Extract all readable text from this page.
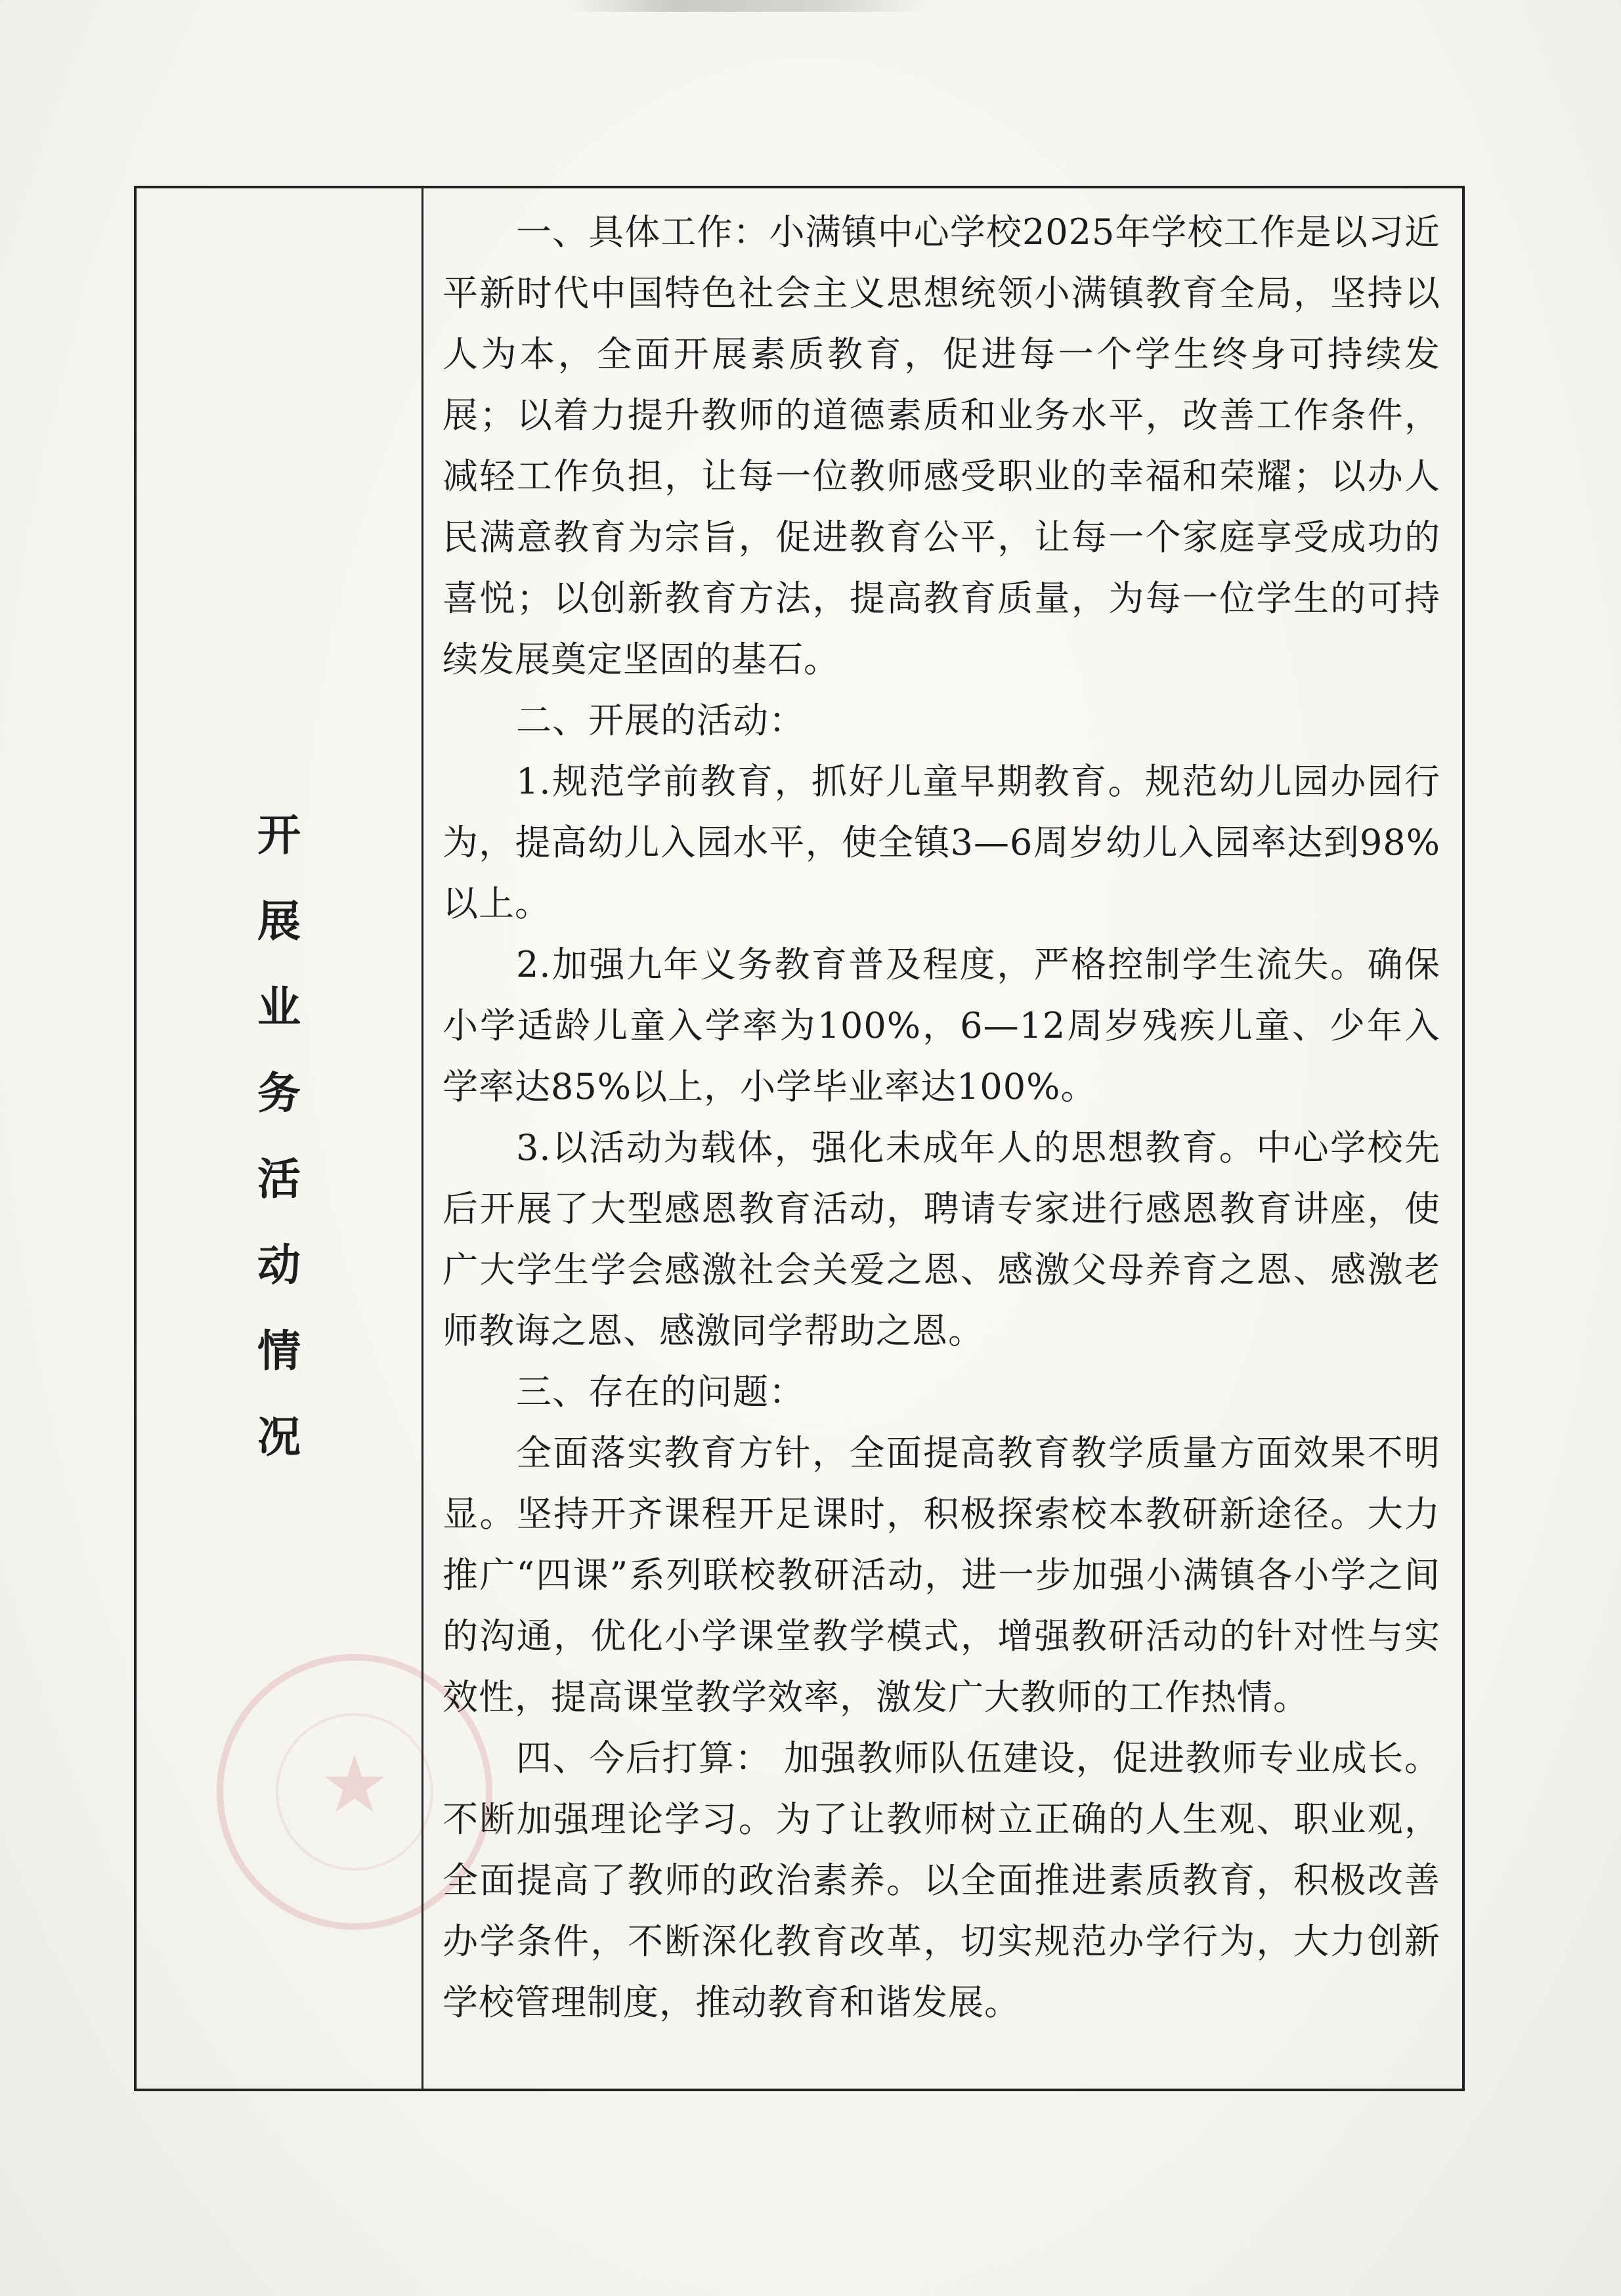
★
开
展
业
务
活
动
情
况

一、具体工作：小满镇中心学校2025年学校工作是以习近平新时代中国特色社会主义思想统领小满镇教育全局，坚持以人为本，全面开展素质教育，促进每一个学生终身可持续发展；以着力提升教师的道德素质和业务水平，改善工作条件，减轻工作负担，让每一位教师感受职业的幸福和荣耀；以办人民满意教育为宗旨，促进教育公平，让每一个家庭享受成功的喜悦；以创新教育方法，提高教育质量，为每一位学生的可持续发展奠定坚固的基石。

二、开展的活动：

1.规范学前教育，抓好儿童早期教育。规范幼儿园办园行为，提高幼儿入园水平，使全镇3—6周岁幼儿入园率达到98%以上。

2.加强九年义务教育普及程度，严格控制学生流失。确保小学适龄儿童入学率为100%，6—12周岁残疾儿童、少年入学率达85%以上，小学毕业率达100%。

3.以活动为载体，强化未成年人的思想教育。中心学校先后开展了大型感恩教育活动，聘请专家进行感恩教育讲座，使广大学生学会感激社会关爱之恩、感激父母养育之恩、感激老师教诲之恩、感激同学帮助之恩。

三、存在的问题：

全面落实教育方针，全面提高教育教学质量方面效果不明显。坚持开齐课程开足课时，积极探索校本教研新途径。大力推广“四课”系列联校教研活动，进一步加强小满镇各小学之间的沟通，优化小学课堂教学模式，增强教研活动的针对性与实效性，提高课堂教学效率，激发广大教师的工作热情。

四、今后打算： 加强教师队伍建设，促进教师专业成长。不断加强理论学习。为了让教师树立正确的人生观、职业观，全面提高了教师的政治素养。以全面推进素质教育，积极改善办学条件，不断深化教育改革，切实规范办学行为，大力创新学校管理制度，推动教育和谐发展。
